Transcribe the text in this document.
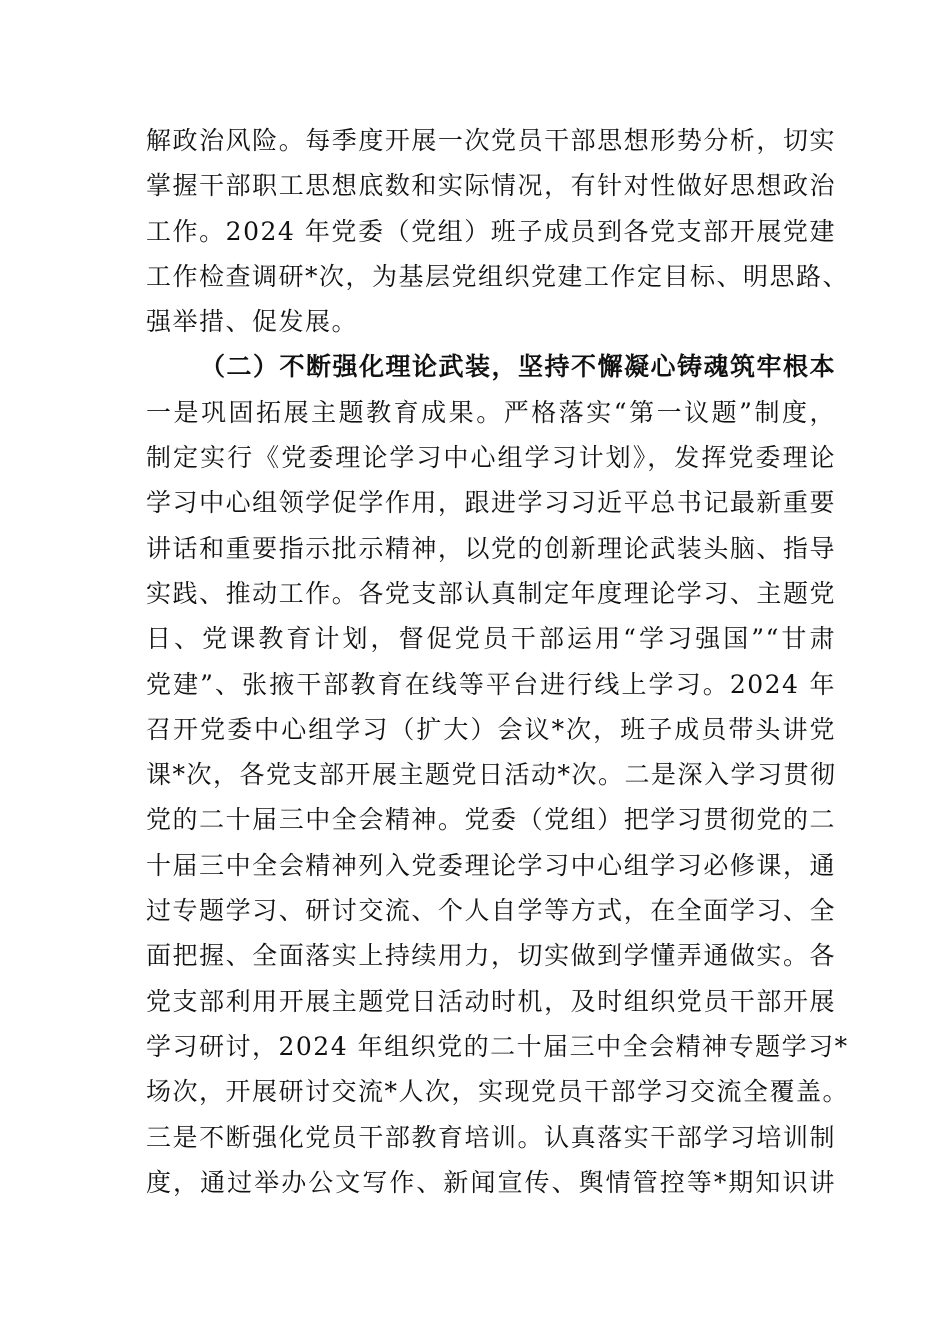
解政治风险。每季度开展一次党员干部思想形势分析，切实
掌握干部职工思想底数和实际情况，有针对性做好思想政治
工作。2024 年党委（党组）班子成员到各党支部开展党建
工作检查调研*次，为基层党组织党建工作定目标、明思路、
强举措、促发展。
（二）不断强化理论武装，坚持不懈凝心铸魂筑牢根本
一是巩固拓展主题教育成果。严格落实“第一议题”制度，
制定实行《党委理论学习中心组学习计划》，发挥党委理论
学习中心组领学促学作用，跟进学习习近平总书记最新重要
讲话和重要指示批示精神，以党的创新理论武装头脑、指导
实践、推动工作。各党支部认真制定年度理论学习、主题党
日、党课教育计划，督促党员干部运用“学习强国”“甘肃
党建”、张掖干部教育在线等平台进行线上学习。2024 年
召开党委中心组学习（扩大）会议*次，班子成员带头讲党
课*次，各党支部开展主题党日活动*次。二是深入学习贯彻
党的二十届三中全会精神。党委（党组）把学习贯彻党的二
十届三中全会精神列入党委理论学习中心组学习必修课，通
过专题学习、研讨交流、个人自学等方式，在全面学习、全
面把握、全面落实上持续用力，切实做到学懂弄通做实。各
党支部利用开展主题党日活动时机，及时组织党员干部开展
学习研讨，2024 年组织党的二十届三中全会精神专题学习*
场次，开展研讨交流*人次，实现党员干部学习交流全覆盖。
三是不断强化党员干部教育培训。认真落实干部学习培训制
度，通过举办公文写作、新闻宣传、舆情管控等*期知识讲
